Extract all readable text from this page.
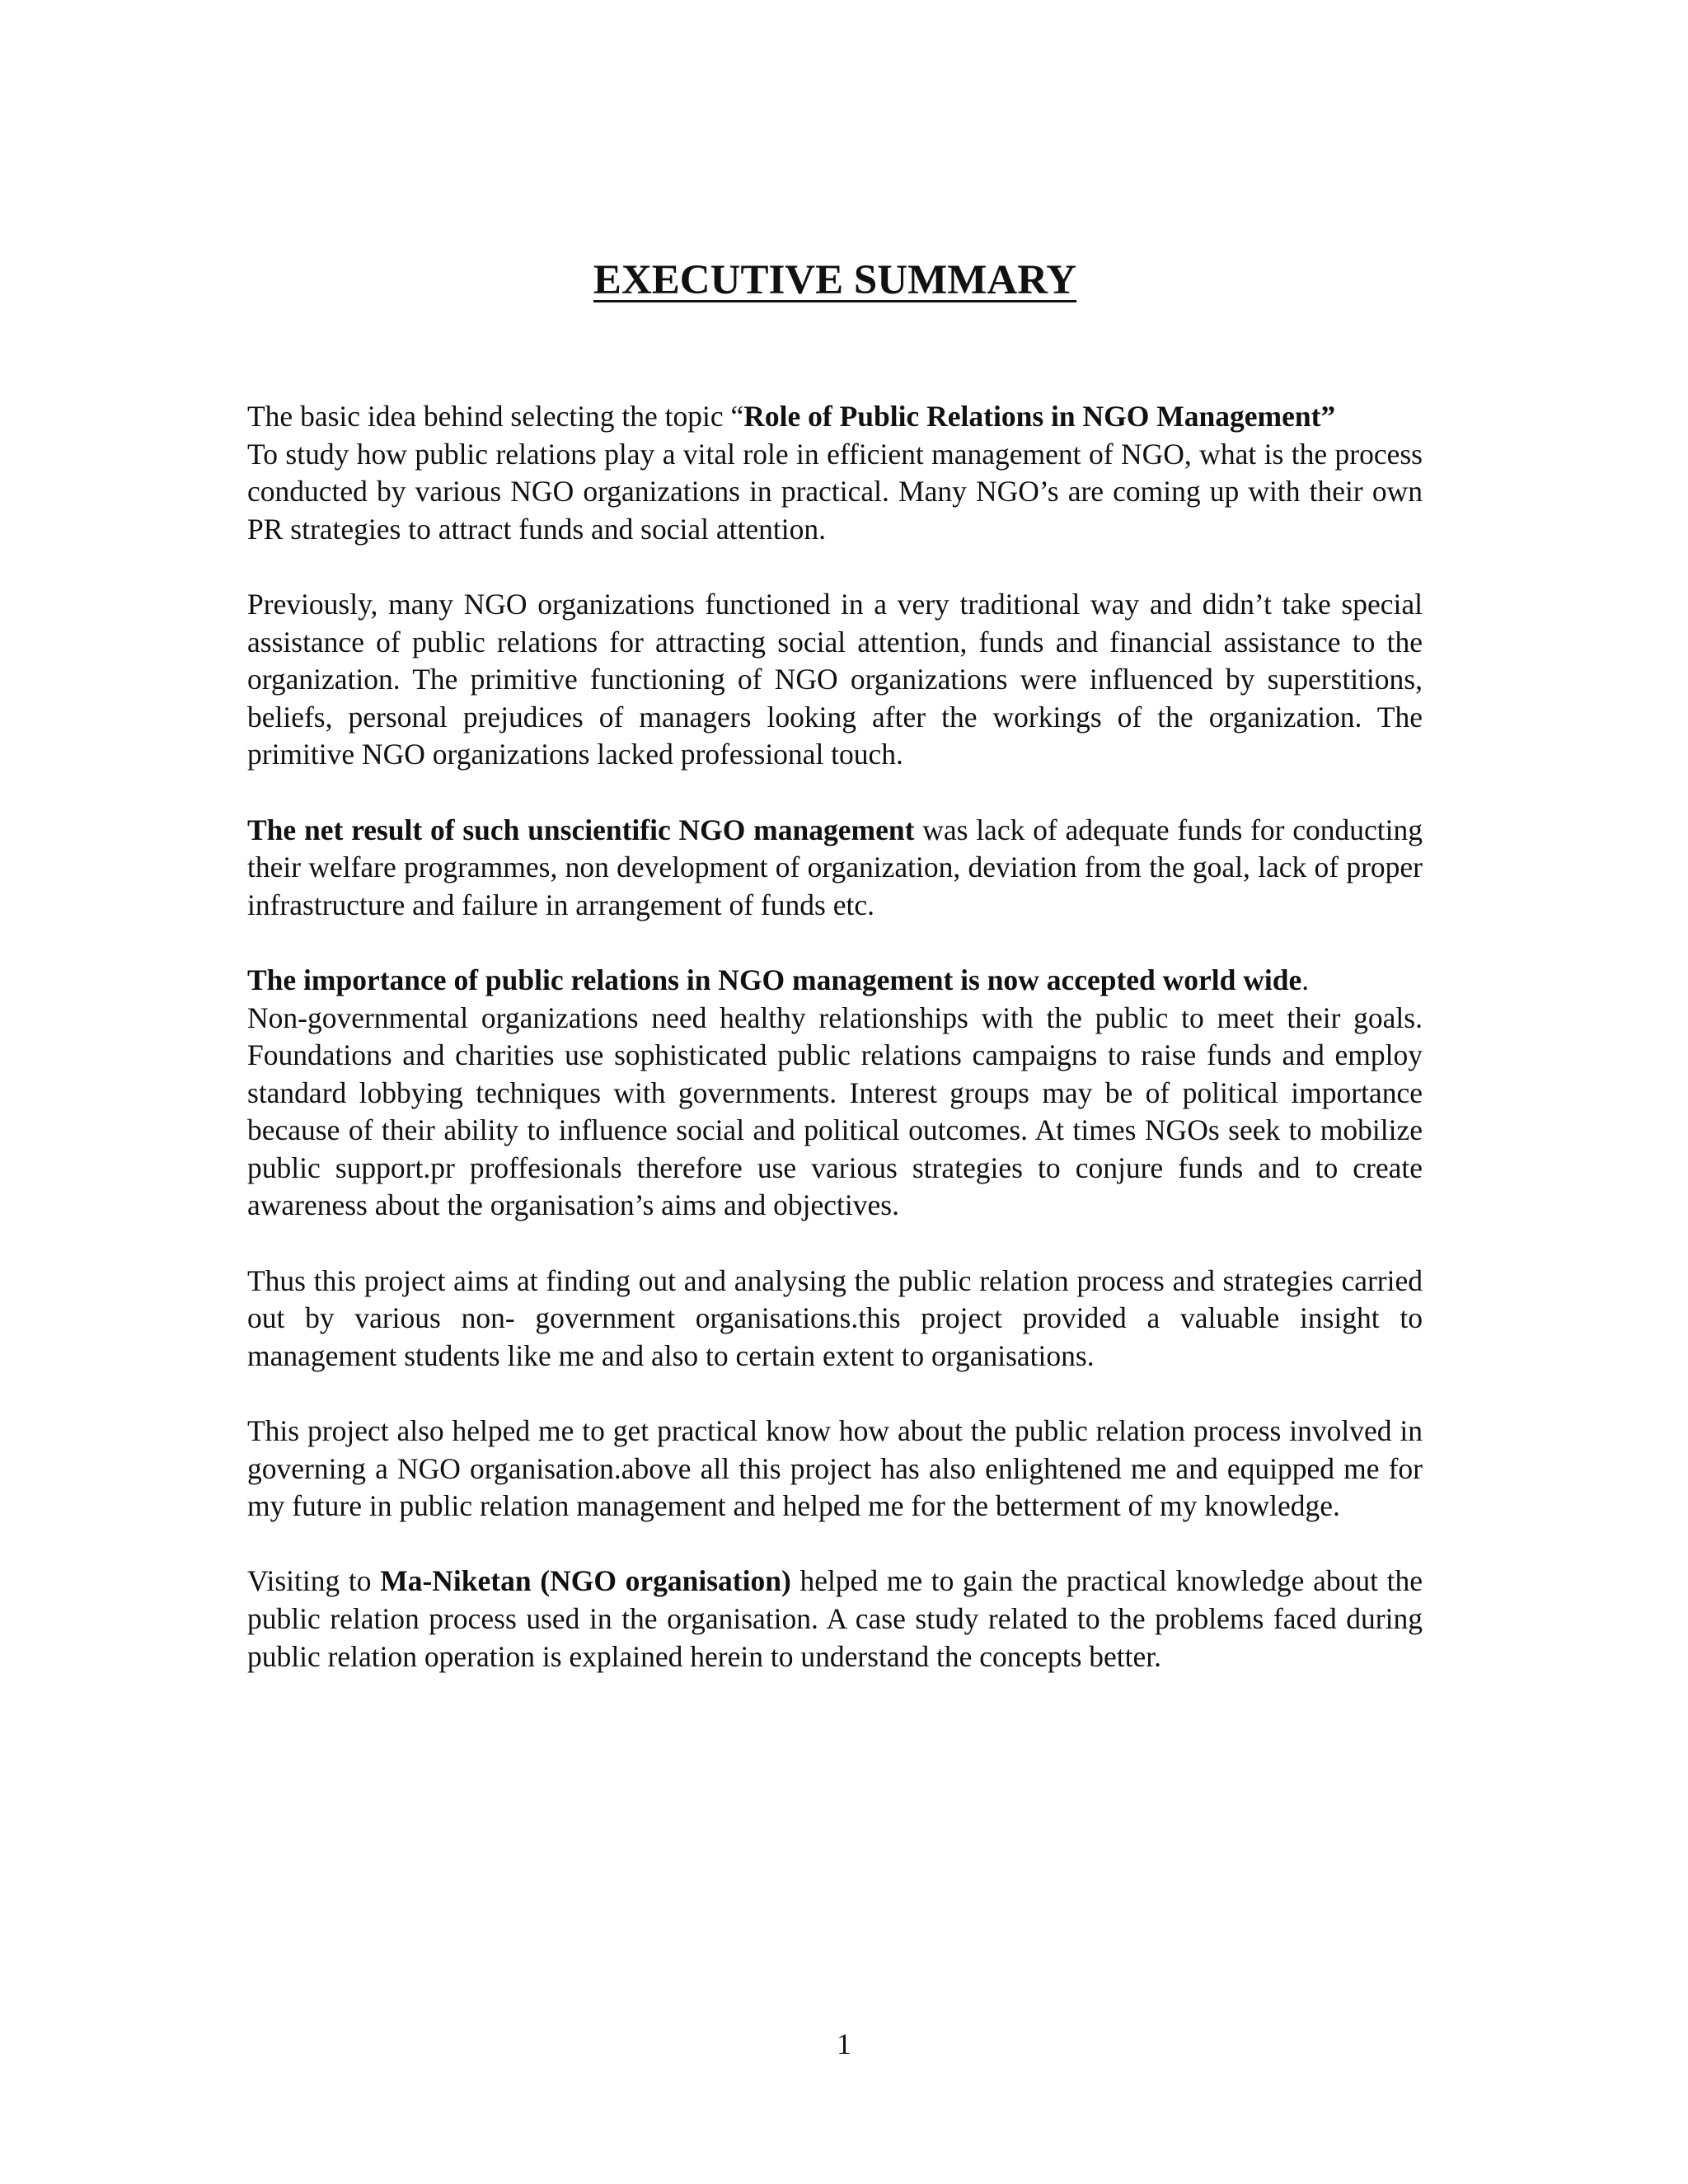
EXECUTIVE SUMMARY
The basic idea behind selecting the topic “Role of Public Relations in NGO Management”
To study how public relations play a vital role in efficient management of NGO, what is the process conducted by various NGO organizations in practical. Many NGO’s are coming up with their own PR strategies to attract funds and social attention.
Previously, many NGO organizations functioned in a very traditional way and didn’t take special assistance of public relations for attracting social attention, funds and financial assistance to the organization. The primitive functioning of NGO organizations were influenced by superstitions, beliefs, personal prejudices of managers looking after the workings of the organization. The primitive NGO organizations lacked professional touch.
The net result of such unscientific NGO management was lack of adequate funds for conducting their welfare programmes, non development of organization, deviation from the goal, lack of proper infrastructure and failure in arrangement of funds etc.
The importance of public relations in NGO management is now accepted world wide.
Non-governmental organizations need healthy relationships with the public to meet their goals. Foundations and charities use sophisticated public relations campaigns to raise funds and employ standard lobbying techniques with governments. Interest groups may be of political importance because of their ability to influence social and political outcomes. At times NGOs seek to mobilize public support.pr proffesionals therefore use various strategies to conjure funds and to create awareness about the organisation’s aims and objectives.
Thus this project aims at finding out and analysing the public relation process and strategies carried out by various non- government organisations.this project provided a valuable insight to management students like me and also to certain extent to organisations.
This project also helped me to get practical know how about the public relation process involved in governing a NGO organisation.above all this project has also enlightened me and equipped me for my future in public relation management and helped me for the betterment of my knowledge.
Visiting to Ma-Niketan (NGO organisation) helped me to gain the practical knowledge about the public relation process used in the organisation. A case study related to the problems faced during public relation operation is explained herein to understand the concepts better.
1
